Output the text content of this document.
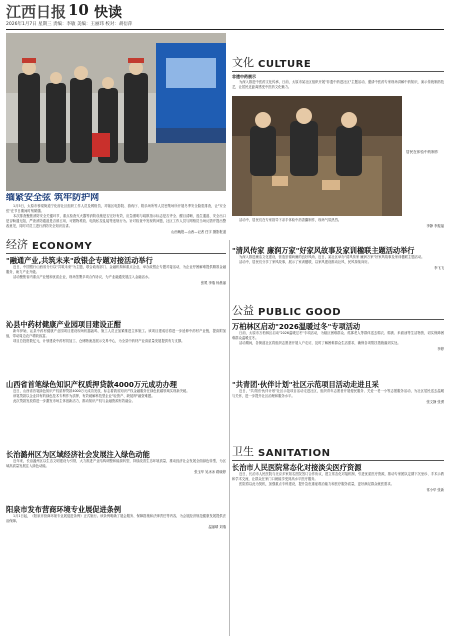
江西日报 10 快读
2026年1月7日 星期三 责编：李敏 美编：王丽玮 校对：胡衍萍
缅紧安全弦 筑牢防护网

1月5日，太原市桥梁街道宁化府社区组织工作人员及网格员，对辖区电影院、游戏厅、娱乐场所等人员密集场所开展冬季安全隐患排查，让"安全弦"在节日期间时刻紧绷。

本次排查聚焦消防安全关键环节，重点检查灭火器等消防设施是否完好有效，应急照明与疏散指示标志是否齐全、醒目清晰，逃生通道、安全出口是否畅通无阻，严查消防通道是否被占用，可燃物堆放、电线私拉乱接等违规行为。针对检查中发现的问题，社区工作人员与网格员当场反馈并提出整改意见，同时对员工进行消防安全知识宣讲。

山西晚报—山西—记者 任宇 摄影报道
文化 CULTURE
非遗中药展示

为深入推进中医药文化传承，日前，太原市某社区组织开展"非遗中药进社区"主题活动，邀请中医药专家现场讲解中药知识，演示传统制药技艺，让居民近距离感受中医药文化魅力。

居民在体验中药制作

活动中，居民们在专家指导下亲手体验中药香囊制作，现场气氛热烈。

李静 李振福
经济 ECONOMY
"融通产业,共筑未来"政银企专题对接活动举行

近日，中国银行山西省分行以"共筑未来"为主题，联合政府部门、金融机构和重点企业，举办政银企专题对接活动，为企业纾困解难提供精准金融服务，助力产业升级。

活动聚焦省内重点产业链和优质企业，现场签署多项合作协议，为产业融通发展注入金融活水。

张冕 李瑞 杨晨丽
沁县中药材健康产业园项目建设正酣

新年伊始，沁县中药材健康产业园项目建设现场机器轰鸣，施工人员正加紧推进主体施工。该项目建成后将进一步延伸中药材产业链，提高附加值，带动周边农户增收致富。

项目总投资数亿元，计划建设中药材初加工、仓储物流及展示交易中心，为全县中药材产业高质量发展提供有力支撑。

山西省首笔绿色知识产权质押贷款4000万元成功办理

近日，山西省首笔绿色知识产权质押贷款4000万元成功发放，标志着我省知识产权金融服务在绿色低碳领域实现新突破。

该笔贷款以企业持有的绿色技术专利作为质押，有效破解科技型企业"轻资产、缺抵押"融资难题。

此次贷款发放将进一步激发市场主体创新活力，推动知识产权与金融资源有效融合。

长治潞州区为区域经济社会发展注入绿色动能

近年来，长治潞州区以生态文明建设为引领，大力推进产业结构调整和能源转型，持续改善生态环境质量，推动经济社会发展全面绿色转型，为区域高质量发展注入绿色动能。

张玉华 吴冰冰 路晓婷
阳泉市发布营商环境专业展促进条例

1月1日起，《阳泉市营商环境专业展促进条例》正式施行。该条例明确了展会服务、保障措施和法律责任等内容，为会展经济规范健康发展提供法治保障。

温丽晴 刘瑞
"清风传家 廉润万家"好家风故事及家训楹联主题活动举行

为深入推进廉洁文化建设，营造崇德尚廉的良好风尚，近日，某社区举办"清风传家 廉润万家"好家风故事及家训楹联主题活动。

活动中，居民们分享了家风故事，展示了家训楹联，以家风建设推动社风、民风持续向好。

李飞飞
公益 PUBLIC GOOD
万柏林区启动"2026温暖过冬"专项活动

日前，太原市万柏林区启动"2026温暖过冬"专项活动，为辖区困难群众、孤寡老人等群体送去棉衣、棉被、米面油等生活物资，切实保障困难群众温暖过冬。

活动期间，各街道社区将组织志愿者开展入户走访，及时了解困难群众生活需求，确保各项帮扶措施落到实处。

李婷
"共青团·伙伴计划"社区示范项目活动走进且采

近日，"共青团·伙伴计划"社区示范项目活动走进社区，组织青年志愿者开展便民服务、关爱一老一小等志愿服务活动，为社区居民送去温暖与关怀，进一步提升社区治理和服务水平。

张文静 张勇
卫生 SANITATION
长治市人民医院常态化对接淡尖医疗资源

近日，长治市人民医院与北京多家知名医院签订合作协议，建立常态化对接机制，引进优质医疗资源，推动专家团队定期下沉坐诊、手术示教和学术交流，让群众在家门口就能享受到高水平医疗服务。

医院将以此为契机，加强重点专科建设，提升急危重症救治能力和医疗服务质量，更好满足群众就医需求。

常小华 张新
